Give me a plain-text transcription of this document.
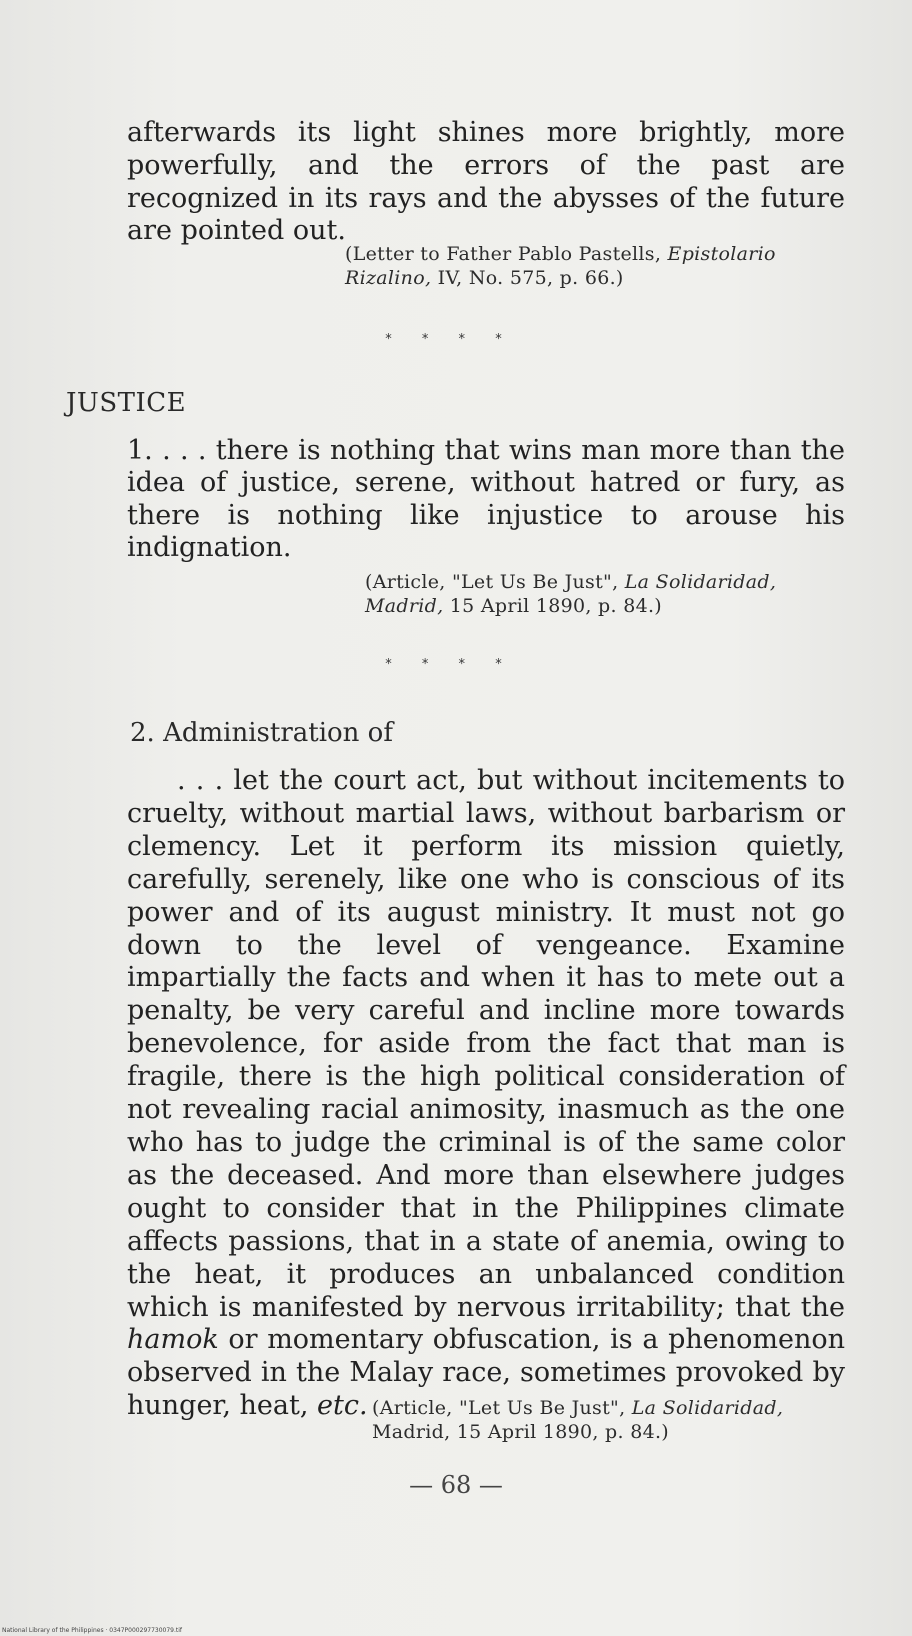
afterwards its light shines more brightly, more powerfully, and the errors of the past are recognized in its rays and the abysses of the future are pointed out.

(Letter to Father Pablo Pastells, Epistolario Rizalino, IV, No. 575, p. 66.)

* * * *
JUSTICE

1. . . . there is nothing that wins man more than the idea of justice, serene, without hatred or fury, as there is nothing like injustice to arouse his indignation.

(Article, "Let Us Be Just", La Solidaridad, Madrid, 15 April 1890, p. 84.)

* * * *
2. Administration of

. . . let the court act, but without incitements to cruelty, without martial laws, without barbarism or clemency. Let it perform its mission quietly, carefully, serenely, like one who is conscious of its power and of its august ministry. It must not go down to the level of vengeance. Examine impartially the facts and when it has to mete out a penalty, be very careful and incline more towards benevolence, for aside from the fact that man is fragile, there is the high political consideration of not revealing racial animosity, inasmuch as the one who has to judge the criminal is of the same color as the deceased. And more than elsewhere judges ought to consider that in the Philippines climate affects passions, that in a state of anemia, owing to the heat, it produces an unbalanced condition which is manifested by nervous irritability; that the hamok or momentary obfuscation, is a phenomenon observed in the Malay race, sometimes provoked by hunger, heat, etc. (Article, "Let Us Be Just", La Solidaridad, Madrid, 15 April 1890, p. 84.)

— 68 —
National Library of the Philippines · 0347P000297730079.tif
